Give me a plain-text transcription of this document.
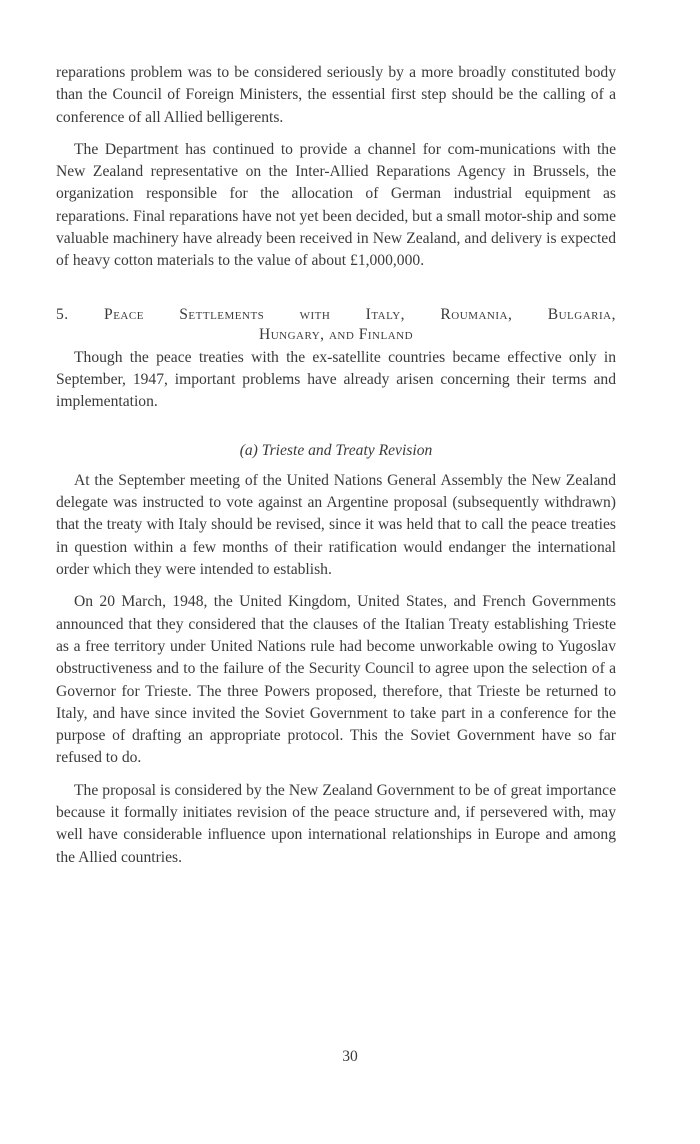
reparations problem was to be considered seriously by a more broadly constituted body than the Council of Foreign Ministers, the essential first step should be the calling of a conference of all Allied belligerents.

The Department has continued to provide a channel for com-munications with the New Zealand representative on the Inter-Allied Reparations Agency in Brussels, the organization responsible for the allocation of German industrial equipment as reparations. Final reparations have not yet been decided, but a small motor-ship and some valuable machinery have already been received in New Zealand, and delivery is expected of heavy cotton materials to the value of about £1,000,000.

5. Peace Settlements with Italy, Roumania, Bulgaria,
Hungary, and Finland

Though the peace treaties with the ex-satellite countries became effective only in September, 1947, important problems have already arisen concerning their terms and implementation.

(a) Trieste and Treaty Revision

At the September meeting of the United Nations General Assembly the New Zealand delegate was instructed to vote against an Argentine proposal (subsequently withdrawn) that the treaty with Italy should be revised, since it was held that to call the peace treaties in question within a few months of their ratification would endanger the international order which they were intended to establish.

On 20 March, 1948, the United Kingdom, United States, and French Governments announced that they considered that the clauses of the Italian Treaty establishing Trieste as a free territory under United Nations rule had become unworkable owing to Yugoslav obstructiveness and to the failure of the Security Council to agree upon the selection of a Governor for Trieste. The three Powers proposed, therefore, that Trieste be returned to Italy, and have since invited the Soviet Government to take part in a conference for the purpose of drafting an appropriate protocol. This the Soviet Government have so far refused to do.

The proposal is considered by the New Zealand Government to be of great importance because it formally initiates revision of the peace structure and, if persevered with, may well have considerable influence upon international relationships in Europe and among the Allied countries.

30
